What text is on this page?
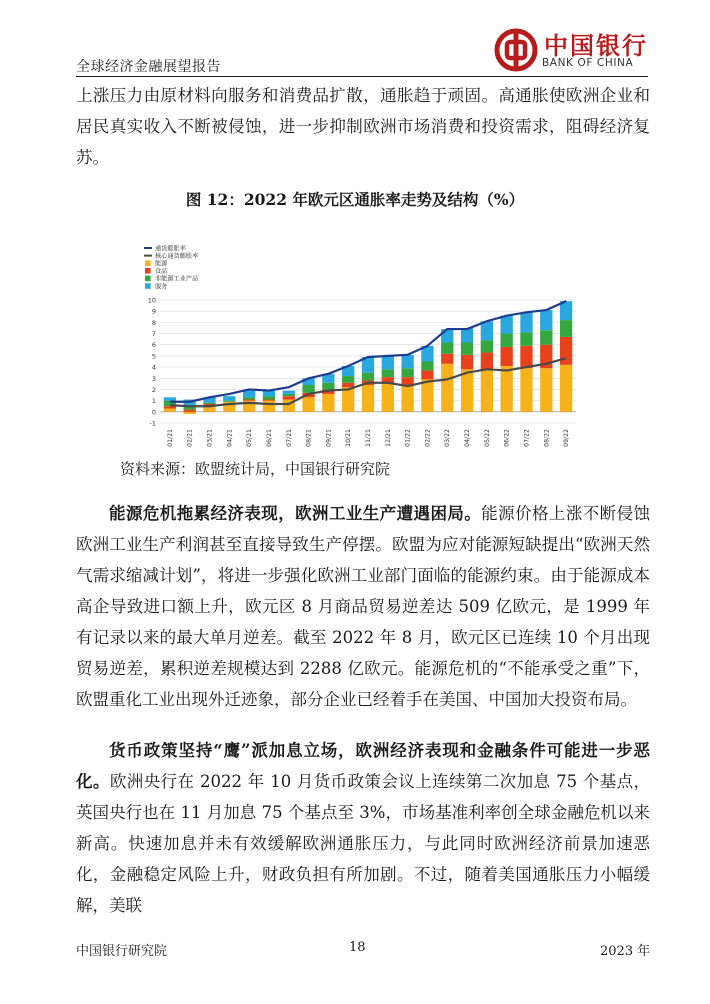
全球经济金融展望报告
中国银行
BANK OF CHINA

上涨压力由原材料向服务和消费品扩散，通胀趋于顽固。高通胀使欧洲企业和居民真实收入不断被侵蚀，进一步抑制欧洲市场消费和投资需求，阻碍经济复苏。

图 12：2022 年欧元区通胀率走势及结构（%）
通货膨胀率
核心通货膨胀率
能源
食品
非能源工业产品
服务
-1
0
1
2
3
4
5
6
7
8
9
10
01/21 02/21 03/21 04/21 05/21 06/21 07/21 08/21 09/21 10/21 11/21 12/21 01/22 02/22 03/22 04/22 05/22 06/22 07/22 08/22 09/22
资料来源：欧盟统计局，中国银行研究院

能源危机拖累经济表现，欧洲工业生产遭遇困局。能源价格上涨不断侵蚀欧洲工业生产利润甚至直接导致生产停摆。欧盟为应对能源短缺提出“欧洲天然气需求缩减计划”，将进一步强化欧洲工业部门面临的能源约束。由于能源成本高企导致进口额上升，欧元区 8 月商品贸易逆差达 509 亿欧元，是 1999 年有记录以来的最大单月逆差。截至 2022 年 8 月，欧元区已连续 10 个月出现贸易逆差，累积逆差规模达到 2288 亿欧元。能源危机的“不能承受之重”下，欧盟重化工业出现外迁迹象，部分企业已经着手在美国、中国加大投资布局。

货币政策坚持“鹰”派加息立场，欧洲经济表现和金融条件可能进一步恶化。欧洲央行在 2022 年 10 月货币政策会议上连续第二次加息 75 个基点，英国央行也在 11 月加息 75 个基点至 3%，市场基准利率创全球金融危机以来新高。快速加息并未有效缓解欧洲通胀压力，与此同时欧洲经济前景加速恶化，金融稳定风险上升，财政负担有所加剧。不过，随着美国通胀压力小幅缓解，美联

中国银行研究院	18	2023 年
